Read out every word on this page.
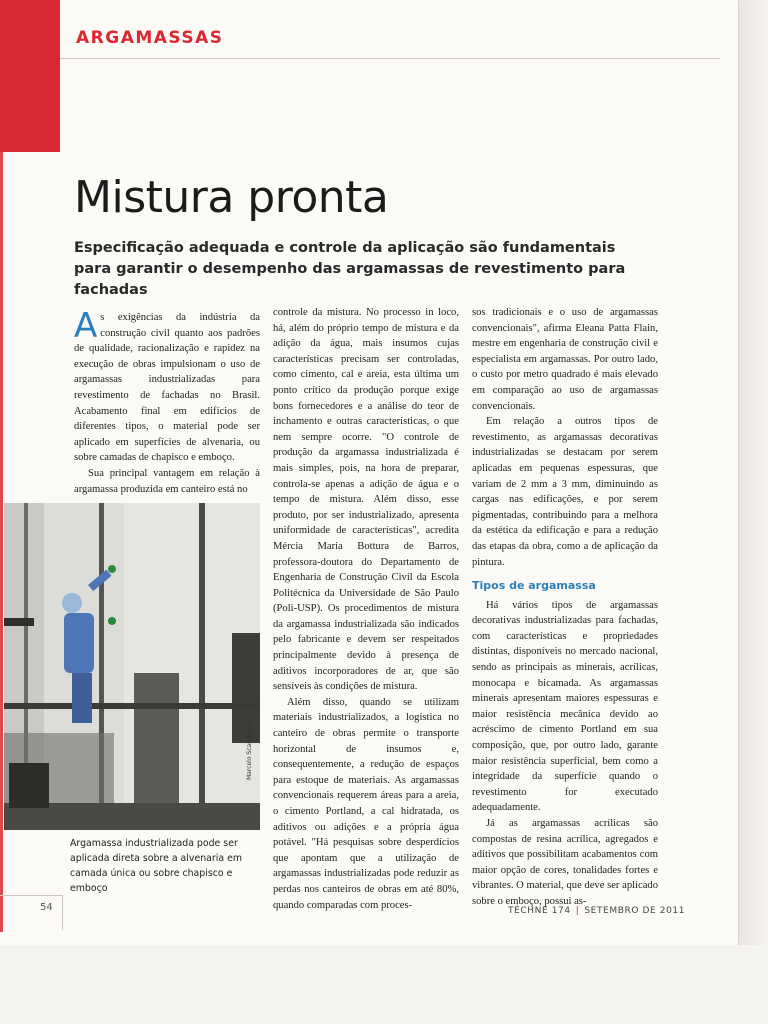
ARGAMASSAS
Mistura pronta

Especificação adequada e controle da aplicação são fundamentais para garantir o desempenho das argamassas de revestimento para fachadas

As exigências da indústria da construção civil quanto aos padrões de qualidade, racionalização e rapidez na execução de obras impulsionam o uso de argamassas industrializadas para revestimento de fachadas no Brasil. Acabamento final em edifícios de diferentes tipos, o material pode ser aplicado em superfícies de alvenaria, ou sobre camadas de chapisco e emboço.

Sua principal vantagem em relação à argamassa produzida em canteiro está no

Marcelo Scandaroli
Argamassa industrializada pode ser aplicada direta sobre a alvenaria em camada única ou sobre chapisco e emboço

controle da mistura. No processo in loco, há, além do próprio tempo de mistura e da adição da água, mais insumos cujas características precisam ser controladas, como cimento, cal e areia, esta última um ponto crítico da produção porque exige bons fornecedores e a análise do teor de inchamento e outras características, o que nem sempre ocorre. "O controle de produção da argamassa industrializada é mais simples, pois, na hora de preparar, controla-se apenas a adição de água e o tempo de mistura. Além disso, esse produto, por ser industrializado, apresenta uniformidade de características", acredita Mércia Maria Bottura de Barros, professora-doutora do Departamento de Engenharia de Construção Civil da Escola Politécnica da Universidade de São Paulo (Poli-USP). Os procedimentos de mistura da argamassa industrializada são indicados pelo fabricante e devem ser respeitados principalmente devido à presença de aditivos incorporadores de ar, que são sensíveis às condições de mistura.

Além disso, quando se utilizam materiais industrializados, a logística no canteiro de obras permite o transporte horizontal de insumos e, consequentemente, a redução de espaços para estoque de materiais. As argamassas convencionais requerem áreas para a areia, o cimento Portland, a cal hidratada, os aditivos ou adições e a própria água potável. "Há pesquisas sobre desperdícios que apontam que a utilização de argamassas industrializadas pode reduzir as perdas nos canteiros de obras em até 80%, quando comparadas com proces-

sos tradicionais e o uso de argamassas convencionais", afirma Eleana Patta Flain, mestre em engenharia de construção civil e especialista em argamassas. Por outro lado, o custo por metro quadrado é mais elevado em comparação ao uso de argamassas convencionais.

Em relação a outros tipos de revestimento, as argamassas decorativas industrializadas se destacam por serem aplicadas em pequenas espessuras, que variam de 2 mm a 3 mm, diminuindo as cargas nas edificações, e por serem pigmentadas, contribuindo para a melhora da estética da edificação e para a redução das etapas da obra, como a de aplicação da pintura.

Tipos de argamassa

Há vários tipos de argamassas decorativas industrializadas para fachadas, com características e propriedades distintas, disponíveis no mercado nacional, sendo as principais as minerais, acrílicas, monocapa e bicamada. As argamassas minerais apresentam maiores espessuras e maior resistência mecânica devido ao acréscimo de cimento Portland em sua composição, que, por outro lado, garante maior resistência superficial, bem como a integridade da superfície quando o revestimento for executado adequadamente.

Já as argamassas acrílicas são compostas de resina acrílica, agregados e aditivos que possibilitam acabamentos com maior opção de cores, tonalidades fortes e vibrantes. O material, que deve ser aplicado sobre o emboço, possui as-

54	TÉCHNE 174 | SETEMBRO DE 2011
